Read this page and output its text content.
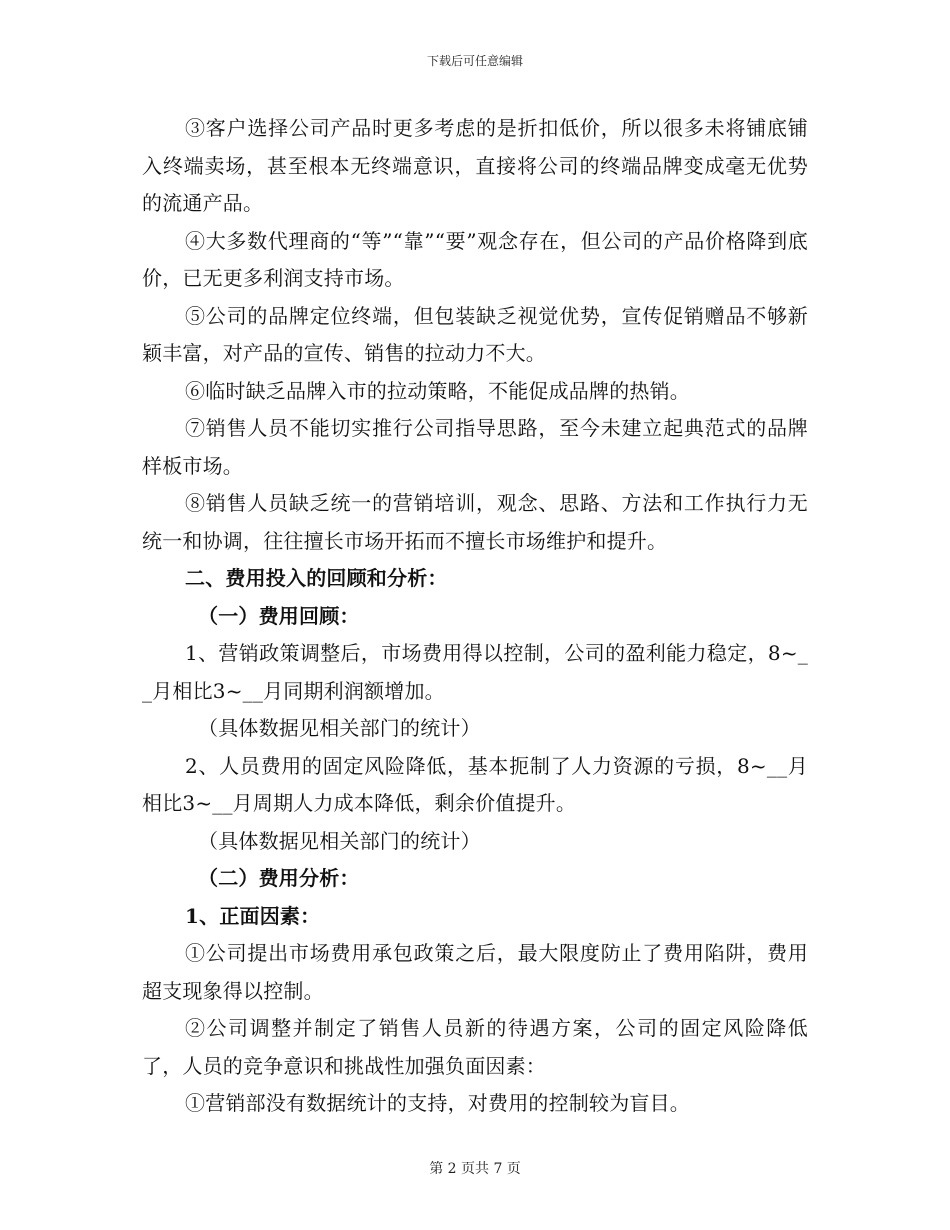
下载后可任意编辑

③客户选择公司产品时更多考虑的是折扣低价，所以很多未将铺底铺入终端卖场，甚至根本无终端意识，直接将公司的终端品牌变成毫无优势的流通产品。

④大多数代理商的“等”“靠”“要”观念存在，但公司的产品价格降到底价，已无更多利润支持市场。

⑤公司的品牌定位终端，但包装缺乏视觉优势，宣传促销赠品不够新颖丰富，对产品的宣传、销售的拉动力不大。

⑥临时缺乏品牌入市的拉动策略，不能促成品牌的热销。

⑦销售人员不能切实推行公司指导思路，至今未建立起典范式的品牌样板市场。

⑧销售人员缺乏统一的营销培训，观念、思路、方法和工作执行力无统一和协调，往往擅长市场开拓而不擅长市场维护和提升。

二、费用投入的回顾和分析：

（一）费用回顾：

1、营销政策调整后，市场费用得以控制，公司的盈利能力稳定，8~__月相比3~__月同期利润额增加。

（具体数据见相关部门的统计）

2、人员费用的固定风险降低，基本扼制了人力资源的亏损，8~__月相比3~__月周期人力成本降低，剩余价值提升。

（具体数据见相关部门的统计）

（二）费用分析：

1、正面因素：

①公司提出市场费用承包政策之后，最大限度防止了费用陷阱，费用超支现象得以控制。

②公司调整并制定了销售人员新的待遇方案，公司的固定风险降低了，人员的竞争意识和挑战性加强负面因素：

①营销部没有数据统计的支持，对费用的控制较为盲目。

第 2 页共 7 页
